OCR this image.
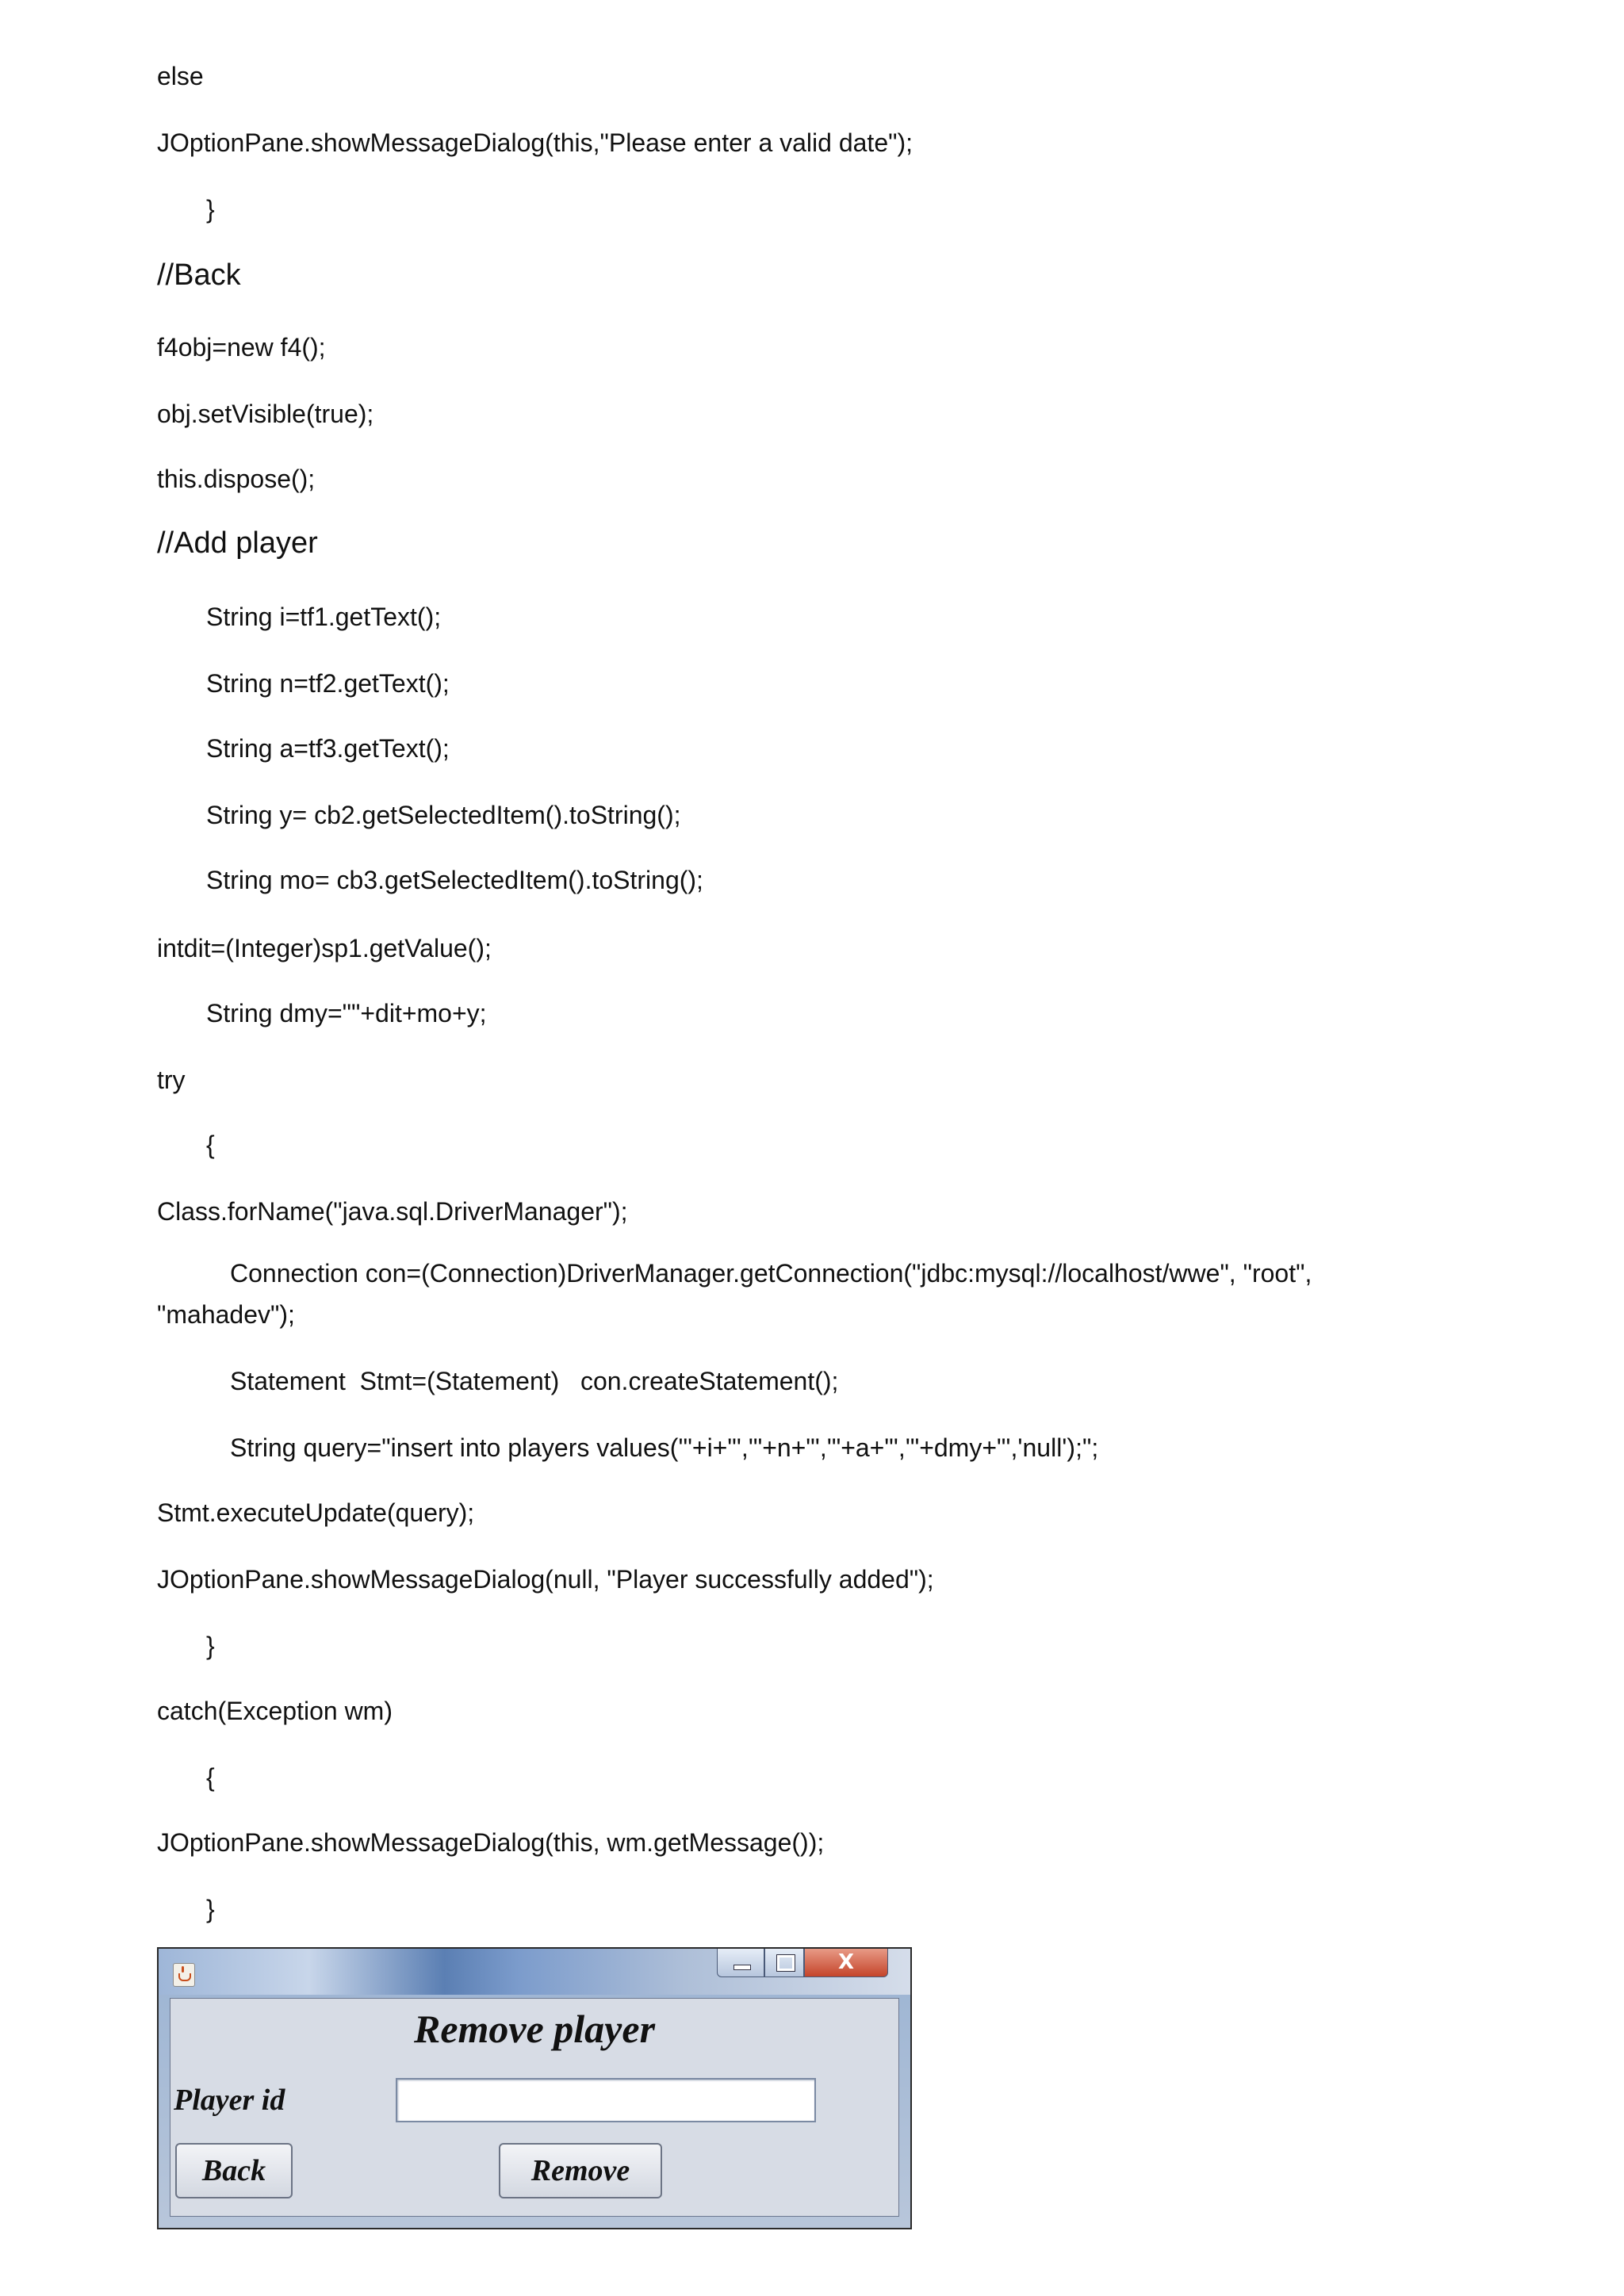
else
JOptionPane.showMessageDialog(this,"Please enter a valid date");
}
//Back
f4obj=new f4();
obj.setVisible(true);
this.dispose();
//Add player
String i=tf1.getText();
String n=tf2.getText();
String a=tf3.getText();
String y= cb2.getSelectedItem().toString();
String mo= cb3.getSelectedItem().toString();
intdit=(Integer)sp1.getValue();
String dmy=""+dit+mo+y;
try
{
Class.forName("java.sql.DriverManager");
Connection con=(Connection)DriverManager.getConnection("jdbc:mysql://localhost/wwe", "root",
"mahadev");
Statement  Stmt=(Statement)   con.createStatement();
String query="insert into players values('"+i+"','"+n+"','"+a+"','"+dmy+"','null');";
Stmt.executeUpdate(query);
JOptionPane.showMessageDialog(null, "Player successfully added");
}
catch(Exception wm)
{
JOptionPane.showMessageDialog(this, wm.getMessage());
}
X
Remove player
Player id
Back	Remove
